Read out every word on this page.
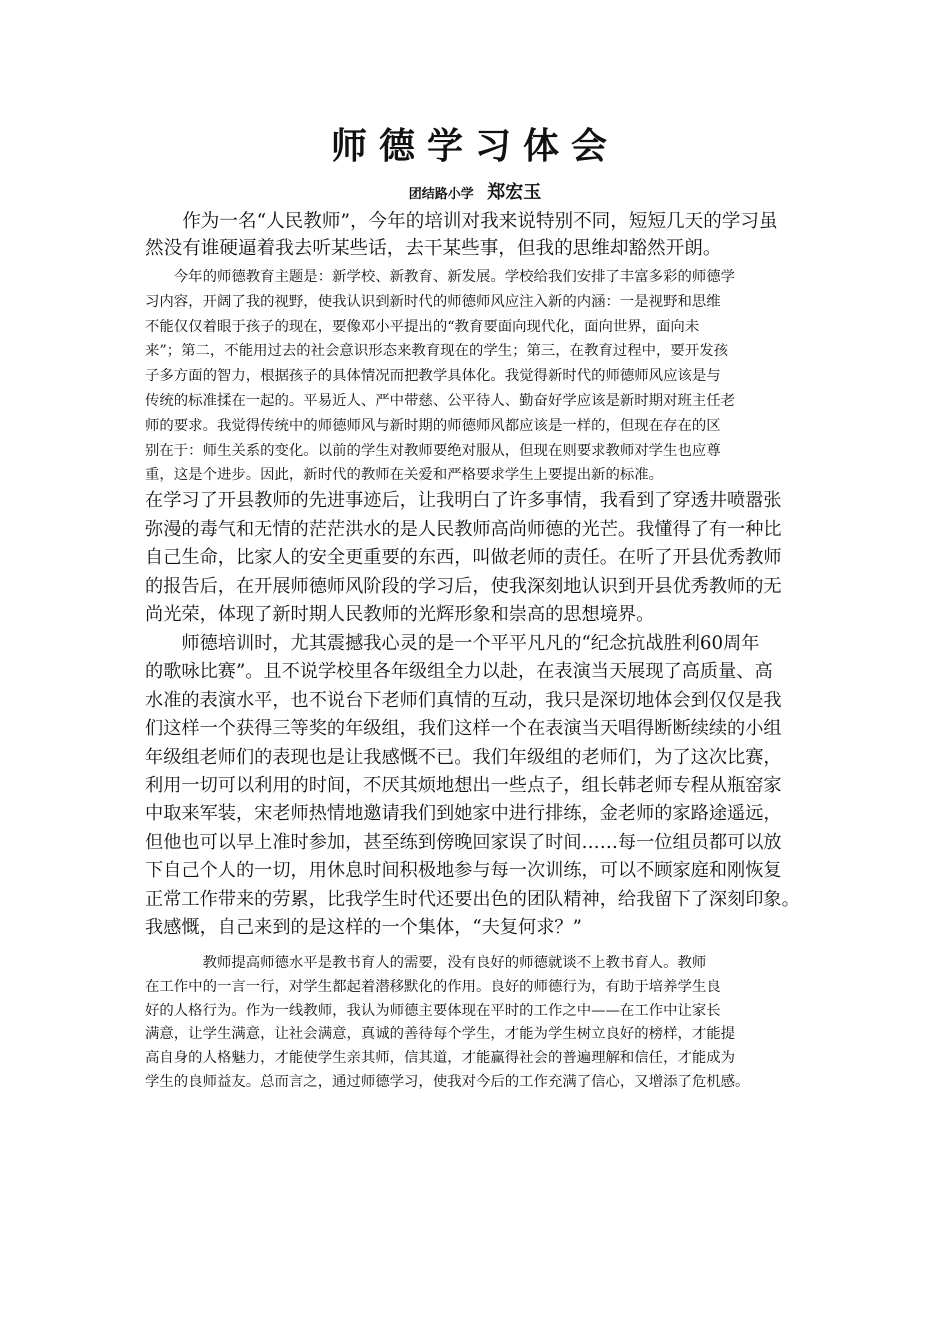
师德学习体会
团结路小学 郑宏玉
　　作为一名“人民教师”，今年的培训对我来说特别不同，短短几天的学习虽
然没有谁硬逼着我去听某些话，去干某些事，但我的思维却豁然开朗。
　　今年的师德教育主题是：新学校、新教育、新发展。学校给我们安排了丰富多彩的师德学
习内容，开阔了我的视野，使我认识到新时代的师德师风应注入新的内涵：一是视野和思维
不能仅仅着眼于孩子的现在，要像邓小平提出的“教育要面向现代化，面向世界，面向未
来”；第二，不能用过去的社会意识形态来教育现在的学生；第三，在教育过程中，要开发孩
子多方面的智力，根据孩子的具体情况而把教学具体化。我觉得新时代的师德师风应该是与
传统的标准揉在一起的。平易近人、严中带慈、公平待人、勤奋好学应该是新时期对班主任老
师的要求。我觉得传统中的师德师风与新时期的师德师风都应该是一样的，但现在存在的区
别在于：师生关系的变化。以前的学生对教师要绝对服从，但现在则要求教师对学生也应尊
重，这是个进步。因此，新时代的教师在关爱和严格要求学生上要提出新的标准。
在学习了开县教师的先进事迹后，让我明白了许多事情，我看到了穿透井喷嚣张
弥漫的毒气和无情的茫茫洪水的是人民教师高尚师德的光芒。我懂得了有一种比
自己生命，比家人的安全更重要的东西，叫做老师的责任。在听了开县优秀教师
的报告后，在开展师德师风阶段的学习后，使我深刻地认识到开县优秀教师的无
尚光荣，体现了新时期人民教师的光辉形象和崇高的思想境界。
　　师德培训时，尤其震撼我心灵的是一个平平凡凡的“纪念抗战胜利60周年
的歌咏比赛”。且不说学校里各年级组全力以赴，在表演当天展现了高质量、高
水准的表演水平，也不说台下老师们真情的互动，我只是深切地体会到仅仅是我
们这样一个获得三等奖的年级组，我们这样一个在表演当天唱得断断续续的小组
年级组老师们的表现也是让我感慨不已。我们年级组的老师们，为了这次比赛，
利用一切可以利用的时间，不厌其烦地想出一些点子，组长韩老师专程从瓶窑家
中取来军装，宋老师热情地邀请我们到她家中进行排练，金老师的家路途遥远，
但他也可以早上准时参加，甚至练到傍晚回家误了时间……每一位组员都可以放
下自己个人的一切，用休息时间积极地参与每一次训练，可以不顾家庭和刚恢复
正常工作带来的劳累，比我学生时代还要出色的团队精神，给我留下了深刻印象。
我感慨，自己来到的是这样的一个集体，“夫复何求？”
　　　　教师提高师德水平是教书育人的需要，没有良好的师德就谈不上教书育人。教师
在工作中的一言一行，对学生都起着潜移默化的作用。良好的师德行为，有助于培养学生良
好的人格行为。作为一线教师，我认为师德主要体现在平时的工作之中——在工作中让家长
满意，让学生满意，让社会满意，真诚的善待每个学生，才能为学生树立良好的榜样，才能提
高自身的人格魅力，才能使学生亲其师，信其道，才能赢得社会的普遍理解和信任，才能成为
学生的良师益友。总而言之，通过师德学习，使我对今后的工作充满了信心，又增添了危机感。
